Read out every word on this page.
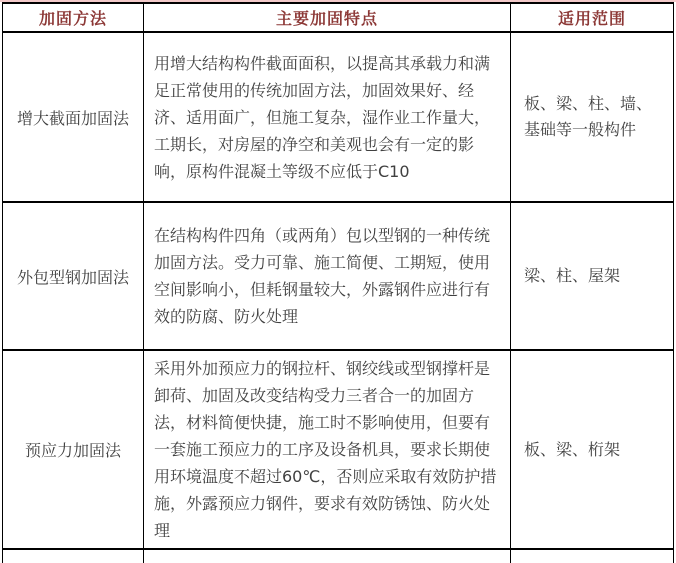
加固方法	主要加固特点	适用范围
增大截面加固法	用增大结构构件截面面积，以提高其承载力和满足正常使用的传统加固方法，加固效果好、经济、适用面广，但施工复杂，湿作业工作量大，工期长，对房屋的净空和美观也会有一定的影响，原构件混凝土等级不应低于C10	板、梁、柱、墙、基础等一般构件
外包型钢加固法	在结构构件四角（或两角）包以型钢的一种传统加固方法。受力可靠、施工简便、工期短，使用空间影响小，但耗钢量较大，外露钢件应进行有效的防腐、防火处理	梁、柱、屋架
预应力加固法	采用外加预应力的钢拉杆、钢绞线或型钢撑杆是卸荷、加固及改变结构受力三者合一的加固方法，材料简便快捷，施工时不影响使用，但要有一套施工预应力的工序及设备机具，要求长期使用环境温度不超过60℃，否则应采取有效防护措施，外露预应力钢件，要求有效防锈蚀、防火处理	板、梁、桁架
